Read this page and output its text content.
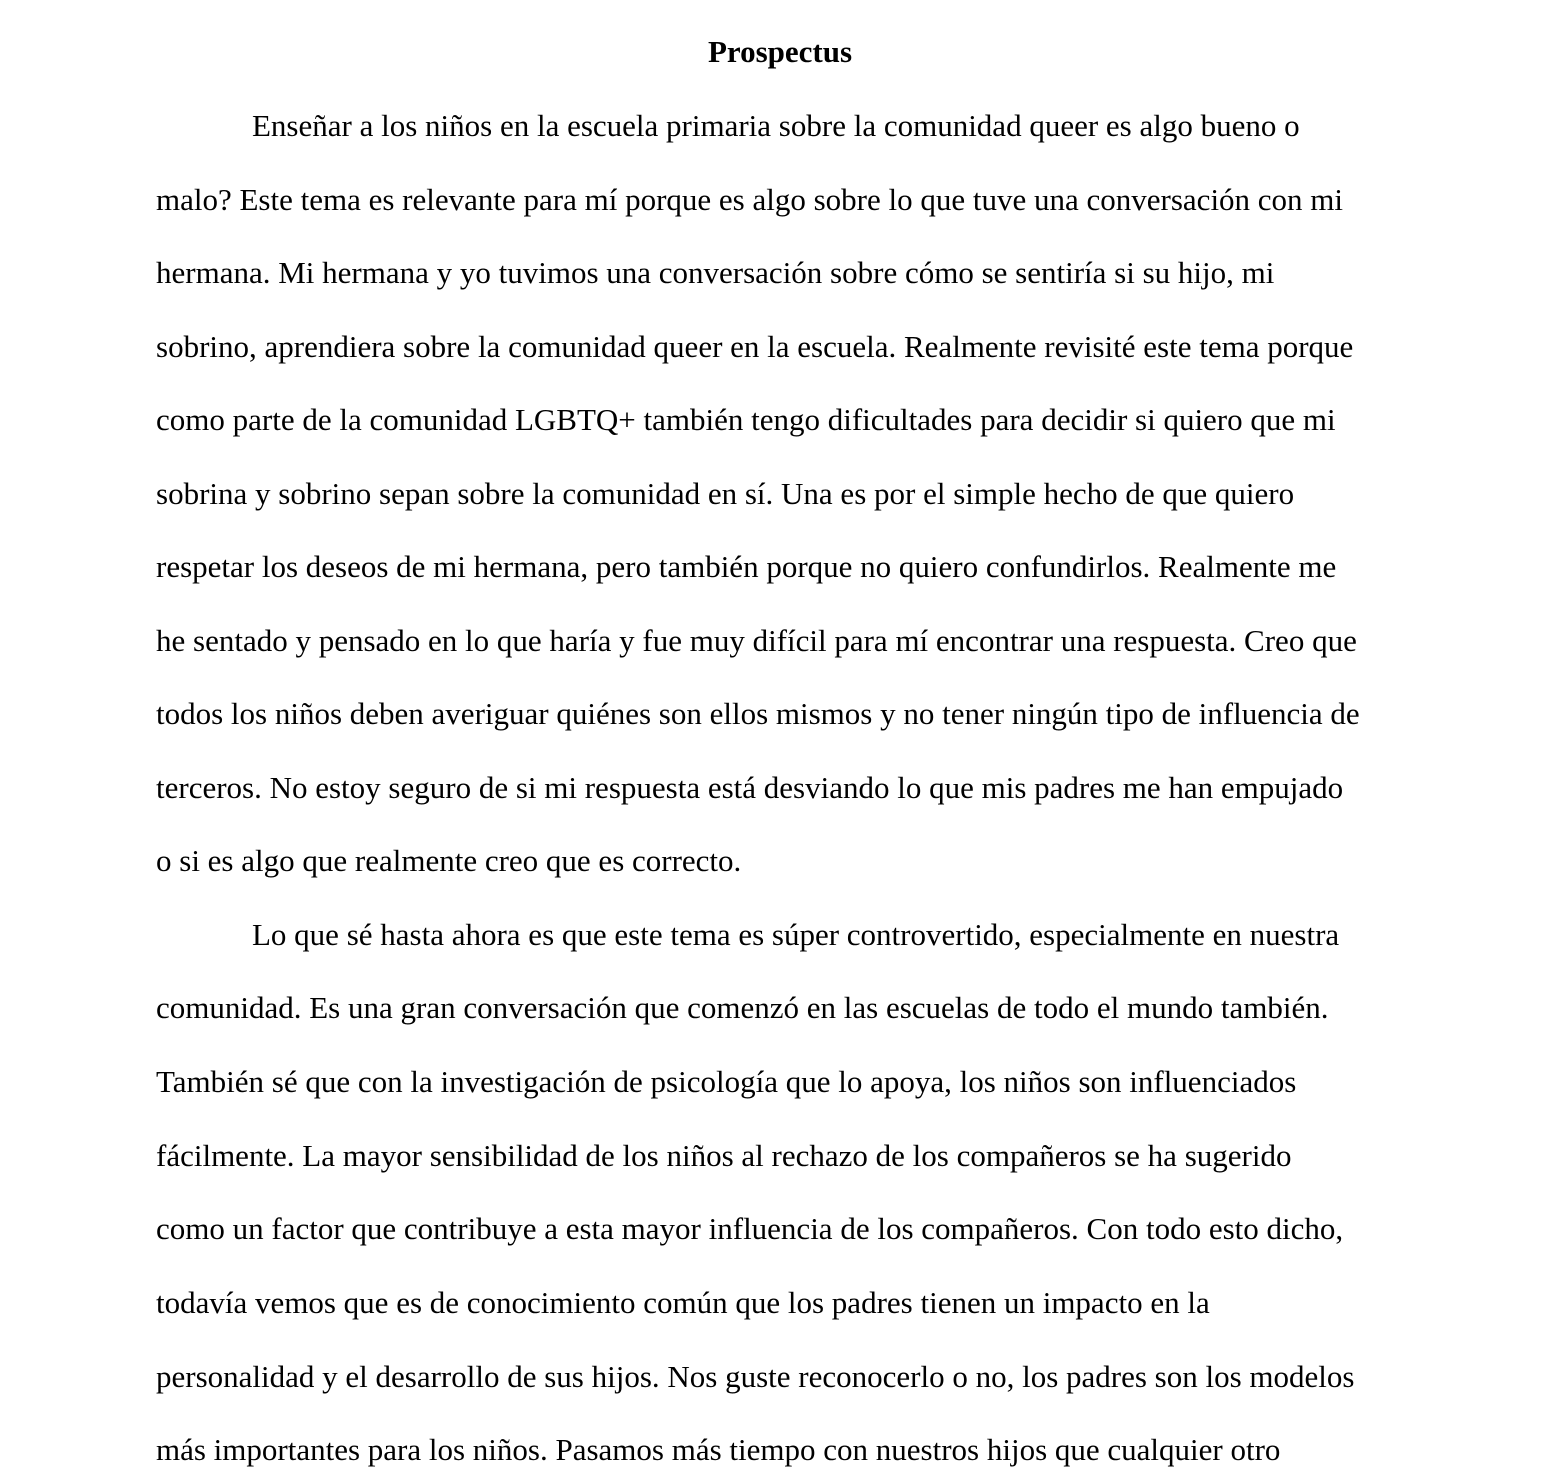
Prospectus

Enseñar a los niños en la escuela primaria sobre la comunidad queer es algo bueno o

malo? Este tema es relevante para mí porque es algo sobre lo que tuve una conversación con mi

hermana. Mi hermana y yo tuvimos una conversación sobre cómo se sentiría si su hijo, mi

sobrino, aprendiera sobre la comunidad queer en la escuela. Realmente revisité este tema porque

como parte de la comunidad LGBTQ+ también tengo dificultades para decidir si quiero que mi

sobrina y sobrino sepan sobre la comunidad en sí. Una es por el simple hecho de que quiero

respetar los deseos de mi hermana, pero también porque no quiero confundirlos. Realmente me

he sentado y pensado en lo que haría y fue muy difícil para mí encontrar una respuesta. Creo que

todos los niños deben averiguar quiénes son ellos mismos y no tener ningún tipo de influencia de

terceros. No estoy seguro de si mi respuesta está desviando lo que mis padres me han empujado

o si es algo que realmente creo que es correcto.

Lo que sé hasta ahora es que este tema es súper controvertido, especialmente en nuestra

comunidad. Es una gran conversación que comenzó en las escuelas de todo el mundo también.

También sé que con la investigación de psicología que lo apoya, los niños son influenciados

fácilmente. La mayor sensibilidad de los niños al rechazo de los compañeros se ha sugerido

como un factor que contribuye a esta mayor influencia de los compañeros. Con todo esto dicho,

todavía vemos que es de conocimiento común que los padres tienen un impacto en la

personalidad y el desarrollo de sus hijos. Nos guste reconocerlo o no, los padres son los modelos

más importantes para los niños. Pasamos más tiempo con nuestros hijos que cualquier otro
